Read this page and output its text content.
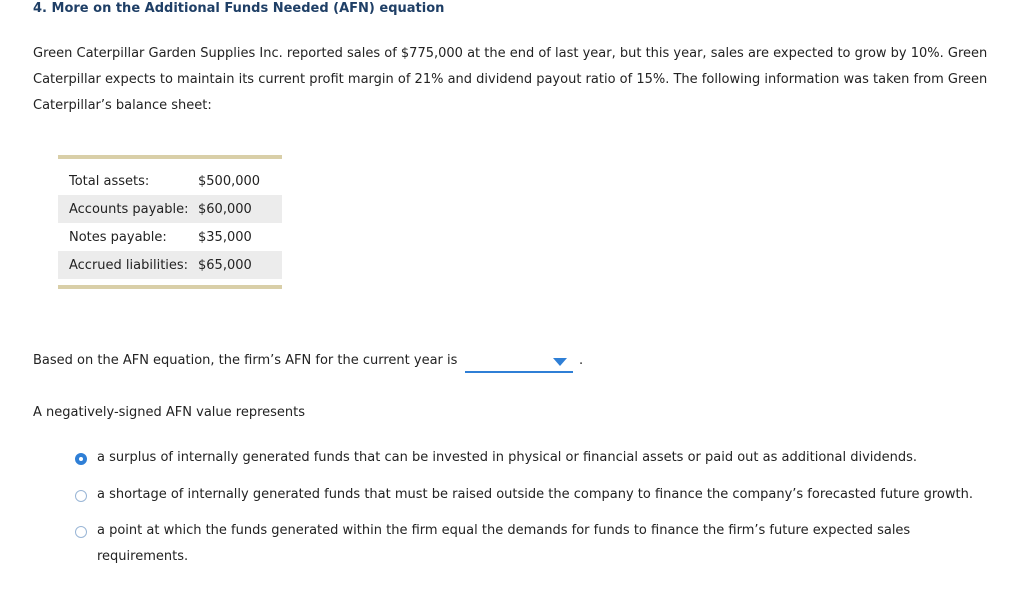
4. More on the Additional Funds Needed (AFN) equation
Green Caterpillar Garden Supplies Inc. reported sales of $775,000 at the end of last year, but this year, sales are expected to grow by 10%. Green Caterpillar expects to maintain its current profit margin of 21% and dividend payout ratio of 15%. The following information was taken from Green Caterpillar’s balance sheet:
Total assets:	$500,000
Accounts payable: $60,000
Notes payable:	$35,000
Accrued liabilities: $65,000
Based on the AFN equation, the firm’s AFN for the current year is	.
A negatively-signed AFN value represents
a surplus of internally generated funds that can be invested in physical or financial assets or paid out as additional dividends.
a shortage of internally generated funds that must be raised outside the company to finance the company’s forecasted future growth.
a point at which the funds generated within the firm equal the demands for funds to finance the firm’s future expected sales requirements.
